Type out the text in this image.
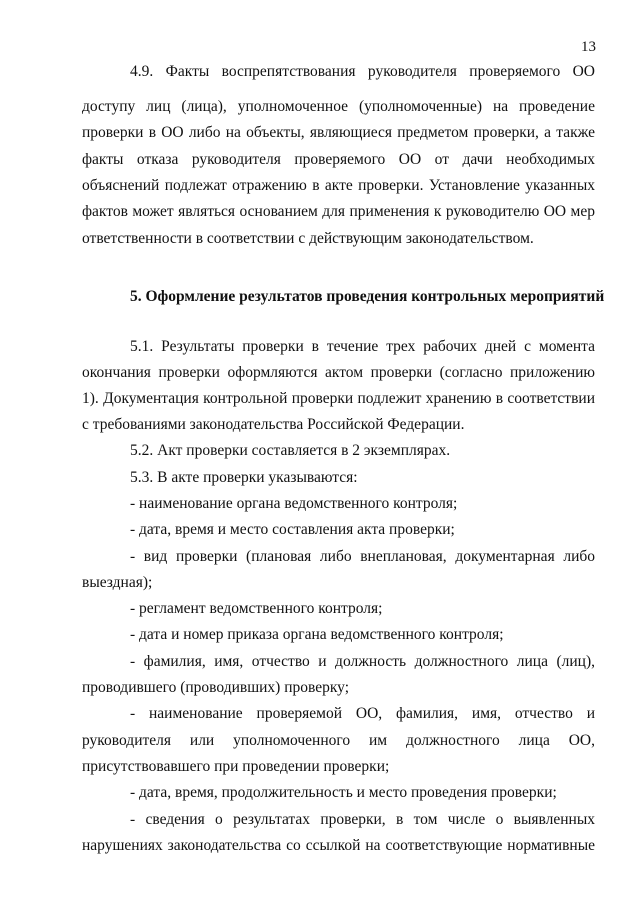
13
4.9. Факты воспрепятствования руководителя проверяемого ОО
доступу лиц (лица), уполномоченное (уполномоченные) на проведение
проверки в ОО либо на объекты, являющиеся предметом проверки, а также
факты отказа руководителя проверяемого ОО от дачи необходимых
объяснений подлежат отражению в акте проверки. Установление указанных
фактов может являться основанием для применения к руководителю ОО мер
ответственности в соответствии с действующим законодательством.
5. Оформление результатов проведения контрольных мероприятий
5.1. Результаты проверки в течение трех рабочих дней с момента
окончания проверки оформляются актом проверки (согласно приложению
1). Документация контрольной проверки подлежит хранению в соответствии
с требованиями законодательства Российской Федерации.
5.2. Акт проверки составляется в 2 экземплярах.
5.3. В акте проверки указываются:
- наименование органа ведомственного контроля;
- дата, время и место составления акта проверки;
- вид проверки (плановая либо внеплановая, документарная либо
выездная);
- регламент ведомственного контроля;
- дата и номер приказа органа ведомственного контроля;
- фамилия, имя, отчество и должность должностного лица (лиц),
проводившего (проводивших) проверку;
- наименование проверяемой ОО, фамилия, имя, отчество и
руководителя или уполномоченного им должностного лица ОО,
присутствовавшего при проведении проверки;
- дата, время, продолжительность и место проведения проверки;
- сведения о результатах проверки, в том числе о выявленных
нарушениях законодательства со ссылкой на соответствующие нормативные
